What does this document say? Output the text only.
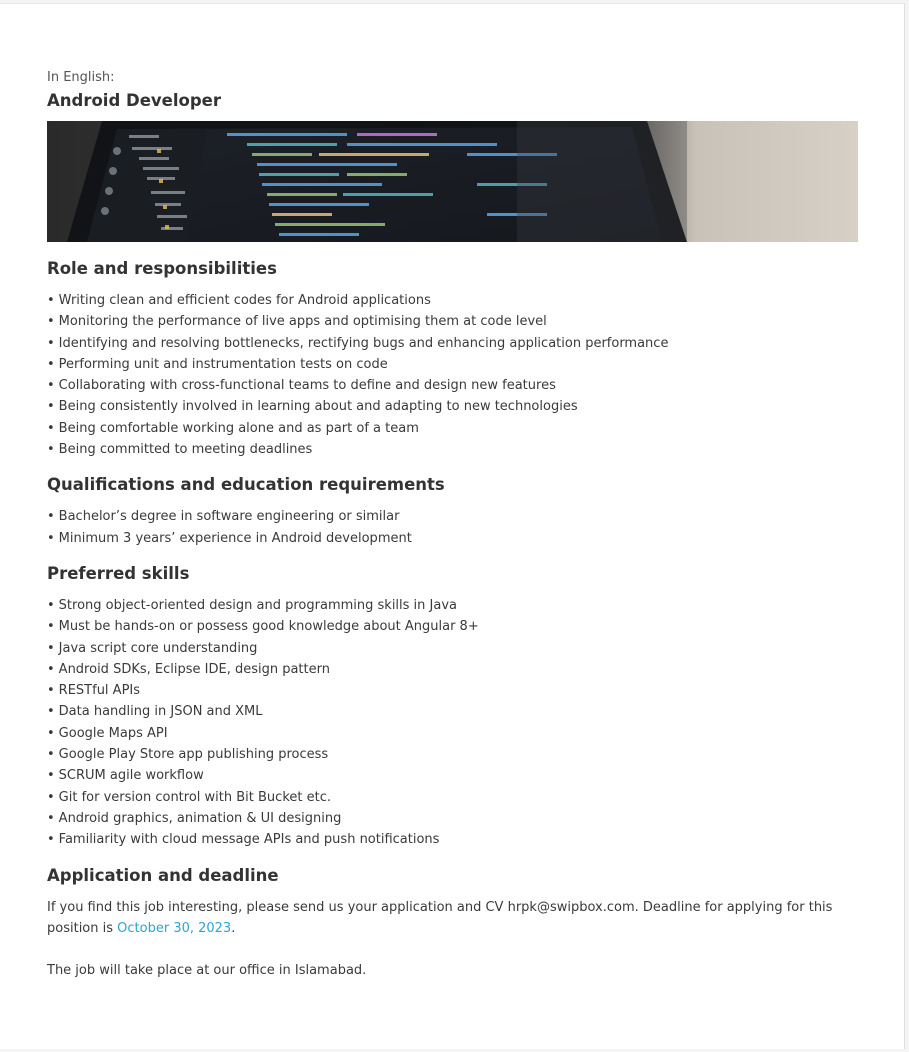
In English:

Android Developer
Role and responsibilities
• Writing clean and efficient codes for Android applications
• Monitoring the performance of live apps and optimising them at code level
• Identifying and resolving bottlenecks, rectifying bugs and enhancing application performance
• Performing unit and instrumentation tests on code
• Collaborating with cross-functional teams to define and design new features
• Being consistently involved in learning about and adapting to new technologies
• Being comfortable working alone and as part of a team
• Being committed to meeting deadlines
Qualifications and education requirements
• Bachelor’s degree in software engineering or similar
• Minimum 3 years’ experience in Android development
Preferred skills
• Strong object-oriented design and programming skills in Java
• Must be hands-on or possess good knowledge about Angular 8+
• Java script core understanding
• Android SDKs, Eclipse IDE, design pattern
• RESTful APIs
• Data handling in JSON and XML
• Google Maps API
• Google Play Store app publishing process
• SCRUM agile workflow
• Git for version control with Bit Bucket etc.
• Android graphics, animation & UI designing
• Familiarity with cloud message APIs and push notifications
Application and deadline

If you find this job interesting, please send us your application and CV hrpk@swipbox.com. Deadline for applying for this position is October 30, 2023.

The job will take place at our office in Islamabad.
